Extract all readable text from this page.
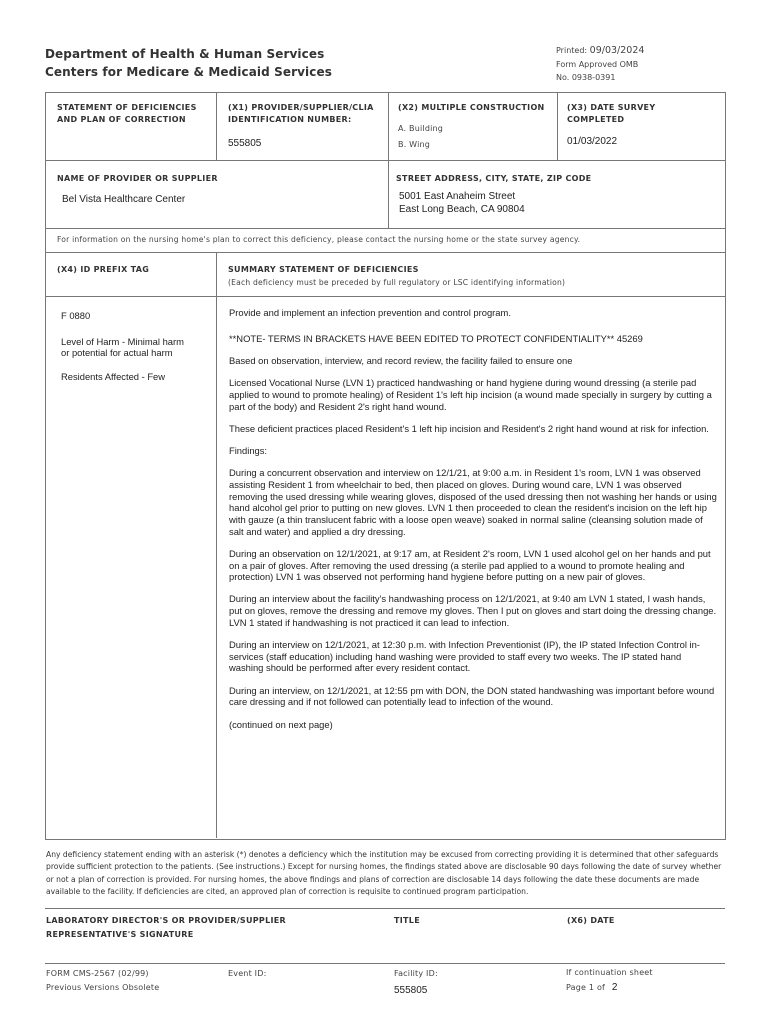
Department of Health & Human Services
Centers for Medicare & Medicaid Services
Printed: 09/03/2024
Form Approved OMB
No. 0938-0391
STATEMENT OF DEFICIENCIES
AND PLAN OF CORRECTION
(X1) PROVIDER/SUPPLIER/CLIA
IDENTIFICATION NUMBER:
555805
(X2) MULTIPLE CONSTRUCTION
A. Building
B. Wing
(X3) DATE SURVEY
COMPLETED
01/03/2022
NAME OF PROVIDER OR SUPPLIER
Bel Vista Healthcare Center
STREET ADDRESS, CITY, STATE, ZIP CODE
5001 East Anaheim Street
East Long Beach, CA 90804
For information on the nursing home's plan to correct this deficiency, please contact the nursing home or the state survey agency.
(X4) ID PREFIX TAG	SUMMARY STATEMENT OF DEFICIENCIES
(Each deficiency must be preceded by full regulatory or LSC identifying information)
F 0880
Level of Harm - Minimal harm
or potential for actual harm
Residents Affected - Few

Provide and implement an infection prevention and control program.

**NOTE- TERMS IN BRACKETS HAVE BEEN EDITED TO PROTECT CONFIDENTIALITY** 45269

Based on observation, interview, and record review, the facility failed to ensure one

Licensed Vocational Nurse (LVN 1) practiced handwashing or hand hygiene during wound dressing (a sterile pad applied to wound to promote healing) of Resident 1's left hip incision (a wound made specially in surgery by cutting a part of the body) and Resident 2's right hand wound.

These deficient practices placed Resident's 1 left hip incision and Resident's 2 right hand wound at risk for infection.

Findings:

During a concurrent observation and interview on 12/1/21, at 9:00 a.m. in Resident 1's room, LVN 1 was observed assisting Resident 1 from wheelchair to bed, then placed on gloves. During wound care, LVN 1 was observed removing the used dressing while wearing gloves, disposed of the used dressing then not washing her hands or using hand alcohol gel prior to putting on new gloves. LVN 1 then proceeded to clean the resident's incision on the left hip with gauze (a thin translucent fabric with a loose open weave) soaked in normal saline (cleansing solution made of salt and water) and applied a dry dressing.

During an observation on 12/1/2021, at 9:17 am, at Resident 2's room, LVN 1 used alcohol gel on her hands and put on a pair of gloves. After removing the used dressing (a sterile pad applied to a wound to promote healing and protection) LVN 1 was observed not performing hand hygiene before putting on a new pair of gloves.

During an interview about the facility's handwashing process on 12/1/2021, at 9:40 am LVN 1 stated, I wash hands, put on gloves, remove the dressing and remove my gloves. Then I put on gloves and start doing the dressing change. LVN 1 stated if handwashing is not practiced it can lead to infection.

During an interview on 12/1/2021, at 12:30 p.m. with Infection Preventionist (IP), the IP stated Infection Control in-services (staff education) including hand washing were provided to staff every two weeks. The IP stated hand washing should be performed after every resident contact.

During an interview, on 12/1/2021, at 12:55 pm with DON, the DON stated handwashing was important before wound care dressing and if not followed can potentially lead to infection of the wound.

(continued on next page)

Any deficiency statement ending with an asterisk (*) denotes a deficiency which the institution may be excused from correcting providing it is determined that other safeguards provide sufficient protection to the patients. (See instructions.) Except for nursing homes, the findings stated above are disclosable 90 days following the date of survey whether or not a plan of correction is provided. For nursing homes, the above findings and plans of correction are disclosable 14 days following the date these documents are made available to the facility. If deficiencies are cited, an approved plan of correction is requisite to continued program participation.
LABORATORY DIRECTOR'S OR PROVIDER/SUPPLIER
REPRESENTATIVE'S SIGNATURE
TITLE	(X6) DATE
FORM CMS-2567 (02/99)
Previous Versions Obsolete
Event ID:	Facility ID:
555805
If continuation sheet
Page 1 of 2
